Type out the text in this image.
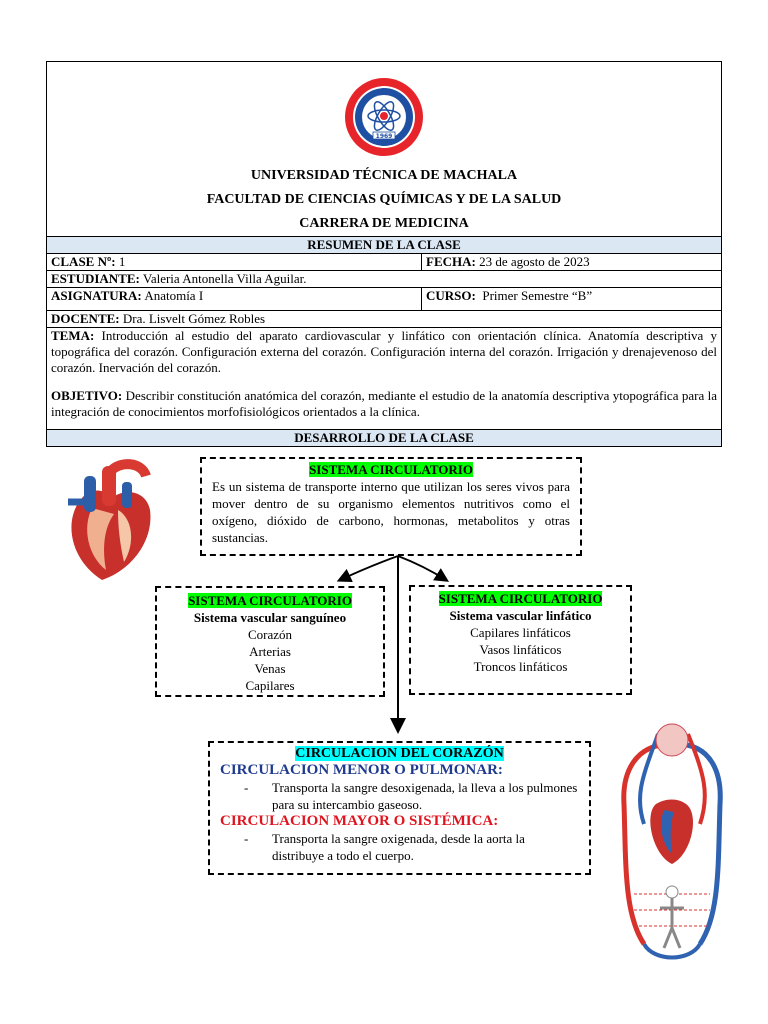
1969
UNIVERSIDAD TÉCNICA DE MACHALA
FACULTAD DE CIENCIAS QUÍMICAS Y DE LA SALUD
CARRERA DE MEDICINA	

RESUMEN DE LA CLASE	
CLASE Nº: 1	FECHA: 23 de agosto de 2023
ESTUDIANTE: Valeria Antonella Villa Aguilar.	
ASIGNATURA: Anatomía I	CURSO: Primer Semestre “B”
DOCENTE: Dra. Lisvelt Gómez Robles	

TEMA: Introducción al estudio del aparato cardiovascular y linfático con orientación clínica. Anatomía descriptiva y topográfica del corazón. Configuración externa del corazón. Configuración interna del corazón. Irrigación y drenajevenoso del corazón. Inervación del corazón.
OBJETIVO: Describir constitución anatómica del corazón, mediante el estudio de la anatomía descriptiva ytopográfica para la integración de conocimientos morfofisiológicos orientados a la clínica.	

DESARROLLO DE LA CLASE	
SISTEMA CIRCULATORIO
Es un sistema de transporte interno que utilizan los seres vivos para mover dentro de su organismo elementos nutritivos como el oxígeno, dióxido de carbono, hormonas, metabolitos y otras sustancias.
SISTEMA CIRCULATORIO
Sistema vascular sanguíneo
Corazón
Arterias
Venas
Capilares
SISTEMA CIRCULATORIO
Sistema vascular linfático
Capilares linfáticos
Vasos linfáticos
Troncos linfáticos
CIRCULACION DEL CORAZÓN
CIRCULACION MENOR O PULMONAR:
- Transporta la sangre desoxigenada, la lleva a los pulmones para su intercambio gaseoso.
CIRCULACION MAYOR O SISTÉMICA:
- Transporta la sangre oxigenada, desde la aorta la distribuye a todo el cuerpo.
